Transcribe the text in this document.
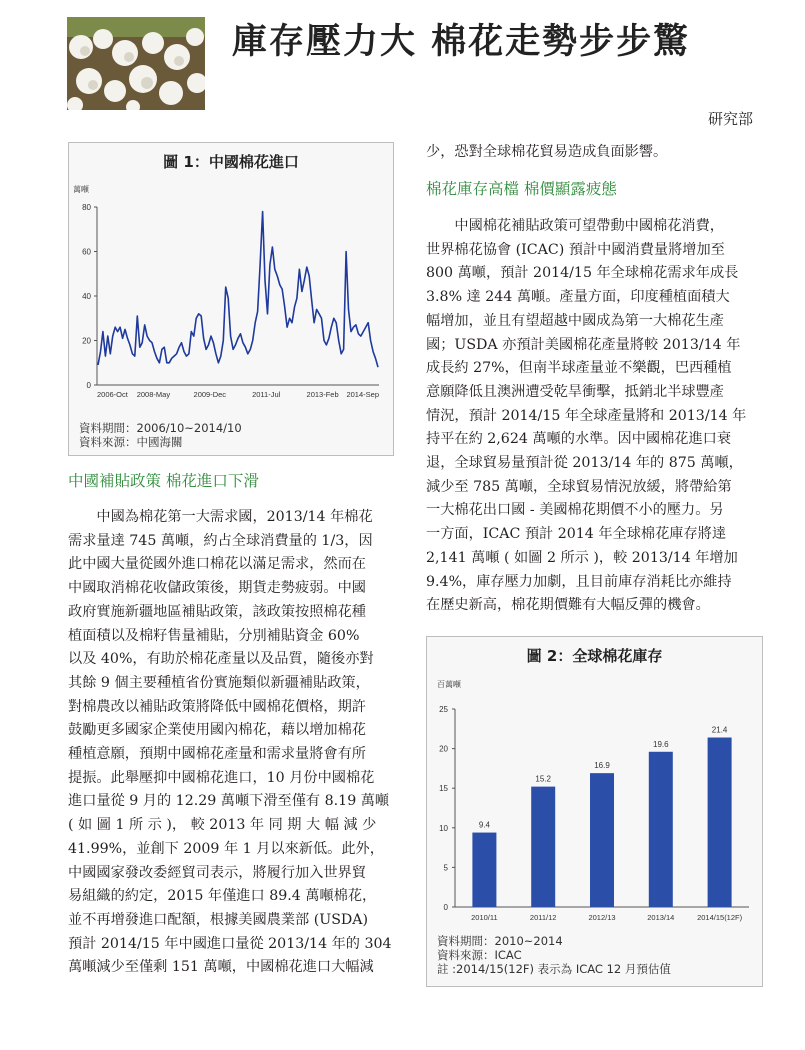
庫存壓力大 棉花走勢步步驚
研究部
圖 1：中國棉花進口
萬噸
0
20
40
60
80
2006-Oct 2008-May	2009-Dec	2011-Jul	2013-Feb 2014-Sep
資料期間：2006/10~2014/10
資料來源：中國海關
中國補貼政策 棉花進口下滑
　　中國為棉花第一大需求國，2013/14 年棉花
需求量達 745 萬噸，約占全球消費量的 1/3，因
此中國大量從國外進口棉花以滿足需求，然而在
中國取消棉花收儲政策後，期貨走勢疲弱。中國
政府實施新疆地區補貼政策，該政策按照棉花種
植面積以及棉籽售量補貼，分別補貼資金 60%
以及 40%，有助於棉花產量以及品質，隨後亦對
其餘 9 個主要種植省份實施類似新疆補貼政策，
對棉農改以補貼政策將降低中國棉花價格，期許
鼓勵更多國家企業使用國內棉花，藉以增加棉花
種植意願，預期中國棉花產量和需求量將會有所
提振。此舉壓抑中國棉花進口，10 月份中國棉花
進口量從 9 月的 12.29 萬噸下滑至僅有 8.19 萬噸
( 如 圖 1 所 示 )， 較 2013 年 同 期 大 幅 減 少
41.99%，並創下 2009 年 1 月以來新低。此外，
中國國家發改委經貿司表示，將履行加入世界貿
易組織的約定，2015 年僅進口 89.4 萬噸棉花，
並不再增發進口配額，根據美國農業部 (USDA)
預計 2014/15 年中國進口量從 2013/14 年的 304
萬噸減少至僅剩 151 萬噸，中國棉花進口大幅減
少，恐對全球棉花貿易造成負面影響。
棉花庫存高檔 棉價顯露疲態
　　中國棉花補貼政策可望帶動中國棉花消費，
世界棉花協會 (ICAC) 預計中國消費量將增加至
800 萬噸，預計 2014/15 年全球棉花需求年成長
3.8% 達 244 萬噸。產量方面，印度種植面積大
幅增加，並且有望超越中國成為第一大棉花生產
國；USDA 亦預計美國棉花產量將較 2013/14 年
成長約 27%，但南半球產量並不樂觀，巴西種植
意願降低且澳洲遭受乾旱衝擊，抵銷北半球豐產
情況，預計 2014/15 年全球產量將和 2013/14 年
持平在約 2,624 萬噸的水準。因中國棉花進口衰
退，全球貿易量預計從 2013/14 年的 875 萬噸，
減少至 785 萬噸，全球貿易情況放緩，將帶給第
一大棉花出口國 - 美國棉花期價不小的壓力。另
一方面，ICAC 預計 2014 年全球棉花庫存將達
2,141 萬噸 ( 如圖 2 所示 )，較 2013/14 年增加
9.4%，庫存壓力加劇，且目前庫存消耗比亦維持
在歷史新高，棉花期價難有大幅反彈的機會。
圖 2：全球棉花庫存
百萬噸
0
5
10
15
20
25
9.4
2010/11
15.2
2011/12
16.9
2012/13
19.6
2013/14
21.4
2014/15(12F)
資料期間：2010~2014
資料來源：ICAC
註 :2014/15(12F) 表示為 ICAC 12 月預估值
